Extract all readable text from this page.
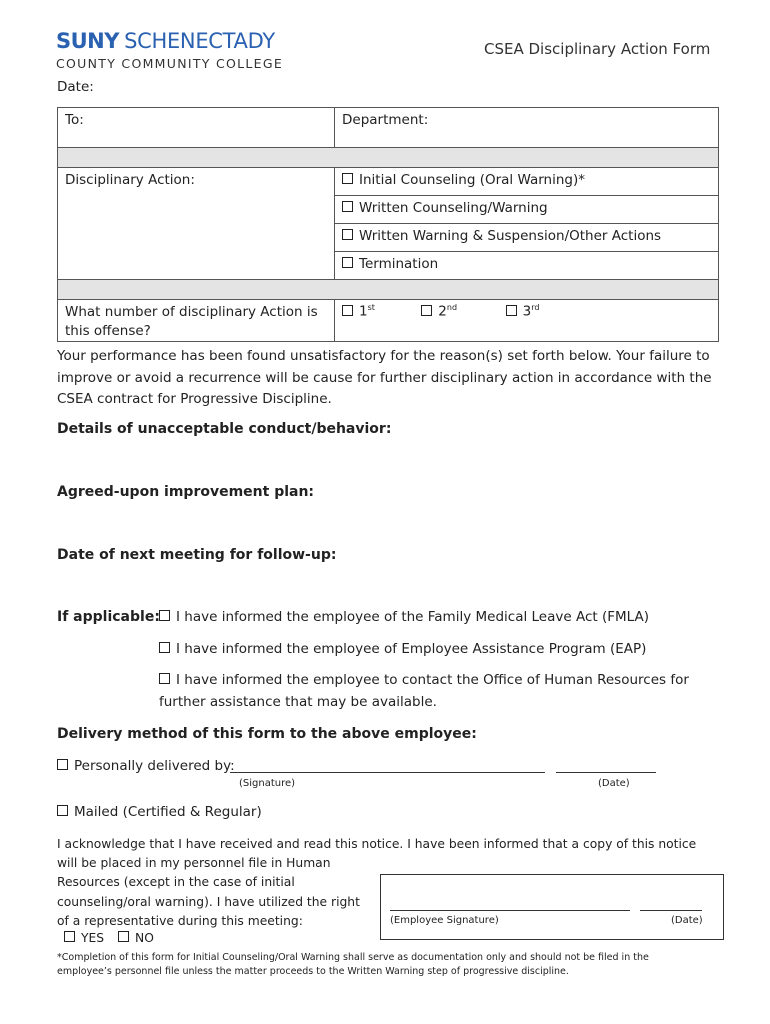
SUNY SCHENECTADY
COUNTY COMMUNITY COLLEGE
CSEA Disciplinary Action Form
Date:
To:	Department:

Disciplinary Action:	Initial Counseling (Oral Warning)*
	Written Counseling/Warning
	Written Warning & Suspension/Other Actions
	Termination

What number of disciplinary Action is this offense?	1st 2nd 3rd
Your performance has been found unsatisfactory for the reason(s) set forth below. Your failure to improve or avoid a recurrence will be cause for further disciplinary action in accordance with the CSEA contract for Progressive Discipline.
Details of unacceptable conduct/behavior:
Agreed-upon improvement plan:
Date of next meeting for follow-up:
If applicable:	I have informed the employee of the Family Medical Leave Act (FMLA)
I have informed the employee of Employee Assistance Program (EAP)
I have informed the employee to contact the Office of Human Resources for
further assistance that may be available.
Delivery method of this form to the above employee:
Personally delivered by:
(Signature)	(Date)
Mailed (Certified & Regular)
I acknowledge that I have received and read this notice. I have been informed that a copy of this notice
will be placed in my personnel file in Human
Resources (except in the case of initial
counseling/oral warning). I have utilized the right
of a representative during this meeting:
YES	NO
(Employee Signature)	(Date)
*Completion of this form for Initial Counseling/Oral Warning shall serve as documentation only and should not be filed in the
employee’s personnel file unless the matter proceeds to the Written Warning step of progressive discipline.
